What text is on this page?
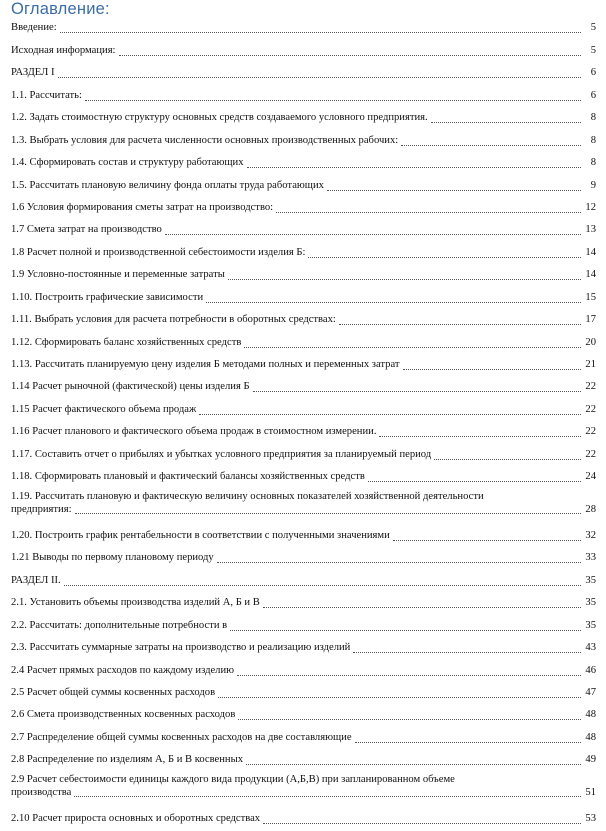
Оглавление:
Введение:	5
Исходная информация:	5
РАЗДЕЛ I	6
1.1. Рассчитать:	6
1.2. Задать стоимостную структуру основных средств создаваемого условного предприятия.	8
1.3. Выбрать условия для расчета численности основных производственных рабочих:	8
1.4. Сформировать состав и структуру работающих	8
1.5. Рассчитать плановую величину фонда оплаты труда работающих	9
1.6 Условия формирования сметы затрат на производство:	12
1.7 Смета затрат на производство	13
1.8 Расчет полной и производственной себестоимости изделия Б:	14
1.9 Условно-постоянные и переменные затраты	14
1.10. Построить графические зависимости	15
1.11. Выбрать условия для расчета потребности в оборотных средствах:	17
1.12. Сформировать баланс хозяйственных средств	20
1.13. Рассчитать планируемую цену изделия Б методами полных и переменных затрат	21
1.14 Расчет рыночной (фактической) цены изделия Б	22
1.15 Расчет фактического объема продаж	22
1.16 Расчет планового и фактического объема продаж в стоимостном измерении.	22
1.17. Составить отчет о прибылях и убытках условного предприятия за планируемый период	22
1.18. Сформировать плановый и фактический балансы хозяйственных средств	24
1.19. Рассчитать плановую и фактическую величину основных показателей хозяйственной деятельности
предприятия:	28
1.20. Построить график рентабельности в соответствии с полученными значениями	32
1.21 Выводы по первому плановому периоду	33
РАЗДЕЛ II.	35
2.1. Установить объемы производства изделий А, Б и В	35
2.2. Рассчитать: дополнительные потребности в	35
2.3. Рассчитать суммарные затраты на производство и реализацию изделий	43
2.4 Расчет прямых расходов по каждому изделию	46
2.5 Расчет общей суммы косвенных расходов	47
2.6 Смета производственных косвенных расходов	48
2.7 Распределение общей суммы косвенных расходов на две составляющие	48
2.8 Распределение по изделиям А, Б и В косвенных	49
2.9 Расчет себестоимости единицы каждого вида продукции (А,Б,В) при запланированном объеме
производства	51
2.10 Расчет прироста основных и оборотных средствах	53
